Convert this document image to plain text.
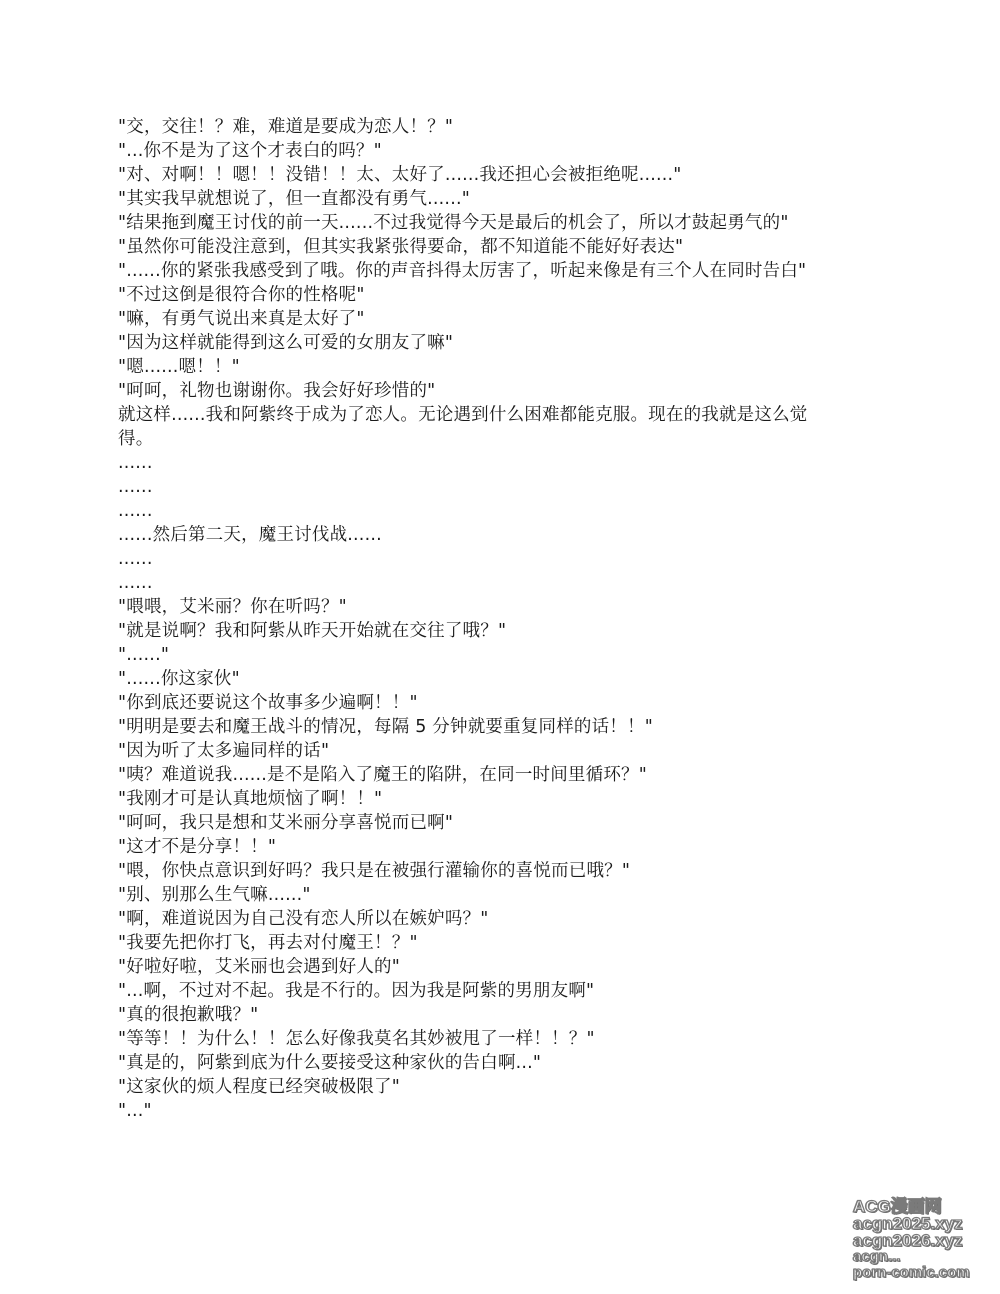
"交，交往！？难，难道是要成为恋人！？"
"...你不是为了这个才表白的吗？"
"对、对啊！！嗯！！没错！！太、太好了......我还担心会被拒绝呢......"
"其实我早就想说了，但一直都没有勇气......"
"结果拖到魔王讨伐的前一天......不过我觉得今天是最后的机会了，所以才鼓起勇气的"
"虽然你可能没注意到，但其实我紧张得要命，都不知道能不能好好表达"
"......你的紧张我感受到了哦。你的声音抖得太厉害了，听起来像是有三个人在同时告白"
"不过这倒是很符合你的性格呢"
"嘛，有勇气说出来真是太好了"
"因为这样就能得到这么可爱的女朋友了嘛"
"嗯......嗯！！"
"呵呵，礼物也谢谢你。我会好好珍惜的"
就这样......我和阿紫终于成为了恋人。无论遇到什么困难都能克服。现在的我就是这么觉
得。
......
......
......
......然后第二天，魔王讨伐战......
......
......
"喂喂，艾米丽？你在听吗？"
"就是说啊？我和阿紫从昨天开始就在交往了哦？"
"......"
"......你这家伙"
"你到底还要说这个故事多少遍啊！！"
"明明是要去和魔王战斗的情况，每隔 5 分钟就要重复同样的话！！"
"因为听了太多遍同样的话"
"咦？难道说我......是不是陷入了魔王的陷阱，在同一时间里循环？"
"我刚才可是认真地烦恼了啊！！"
"呵呵，我只是想和艾米丽分享喜悦而已啊"
"这才不是分享！！"
"喂，你快点意识到好吗？我只是在被强行灌输你的喜悦而已哦？"
"别、别那么生气嘛......"
"啊，难道说因为自己没有恋人所以在嫉妒吗？"
"我要先把你打飞，再去对付魔王！？"
"好啦好啦，艾米丽也会遇到好人的"
"...啊，不过对不起。我是不行的。因为我是阿紫的男朋友啊"
"真的很抱歉哦？"
"等等！！为什么！！怎么好像我莫名其妙被甩了一样！！？"
"真是的，阿紫到底为什么要接受这种家伙的告白啊..."
"这家伙的烦人程度已经突破极限了"
"..."
ACG漫画网
acgn2025.xyz
acgn2026.xyz
acgn...
porn-comic.com
